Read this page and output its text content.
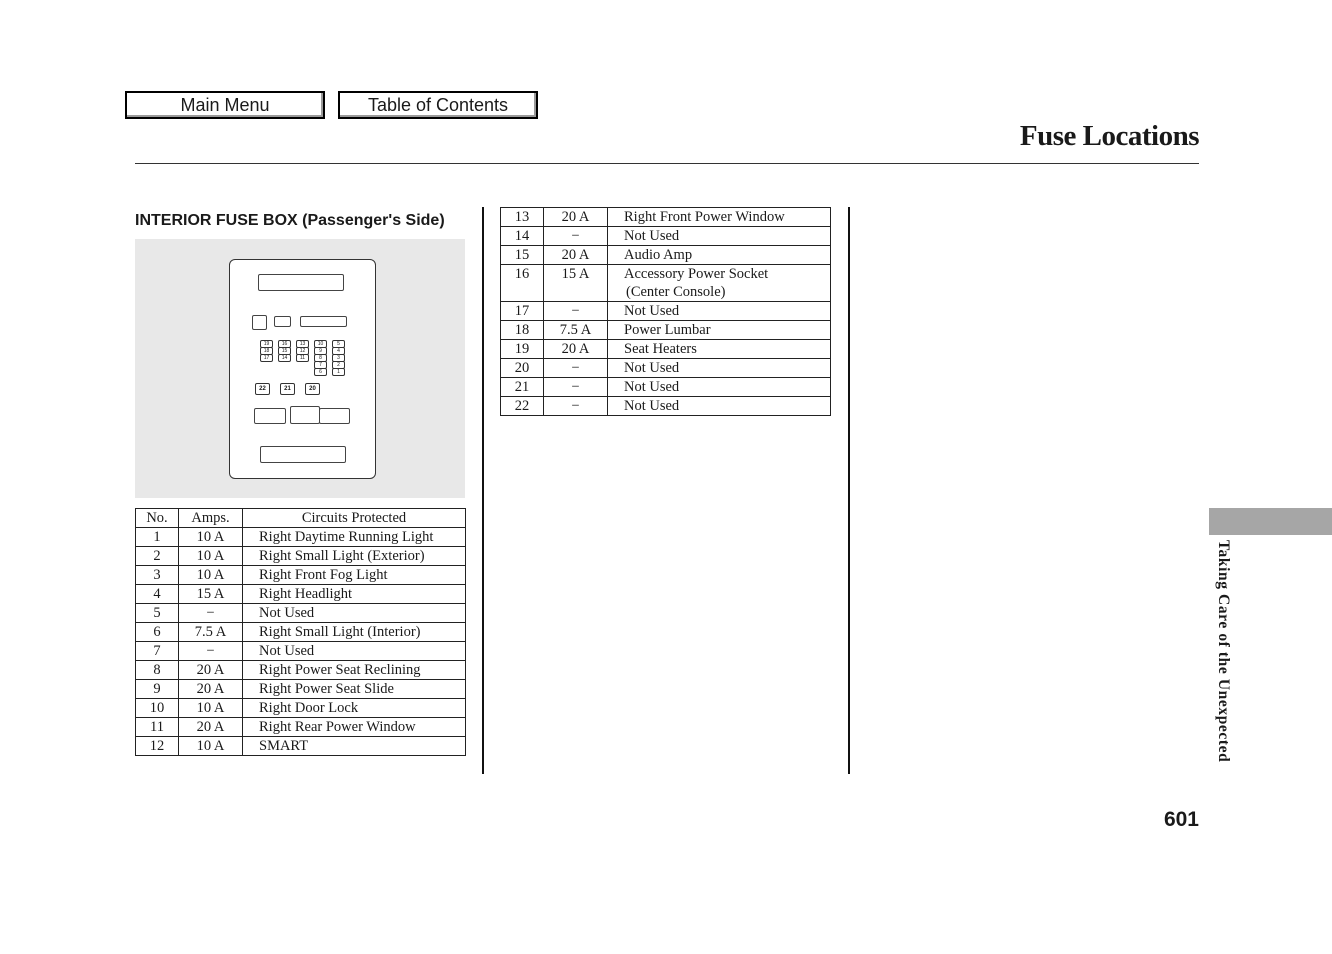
Main Menu	Table of Contents
Fuse Locations
INTERIOR FUSE BOX (Passenger's Side)
19	16	13	10	5
18	15	12	9	4
17	14	11	8	3
7	2
6	1
22	21	20
No.	Amps.	Circuits Protected
1	10 A	Right Daytime Running Light
2	10 A	Right Small Light (Exterior)
3	10 A	Right Front Fog Light
4	15 A	Right Headlight
5	−	Not Used
6	7.5 A	Right Small Light (Interior)
7	−	Not Used
8	20 A	Right Power Seat Reclining
9	20 A	Right Power Seat Slide
10	10 A	Right Door Lock
11	20 A	Right Rear Power Window
12	10 A	SMART
13	20 A	Right Front Power Window
14	−	Not Used
15	20 A	Audio Amp
16	15 A	Accessory Power Socket
(Center Console)

17	−	Not Used
18	7.5 A	Power Lumbar
19	20 A	Seat Heaters
20	−	Not Used
21	−	Not Used
22	−	Not Used
Taking Care of the Unexpected
601
